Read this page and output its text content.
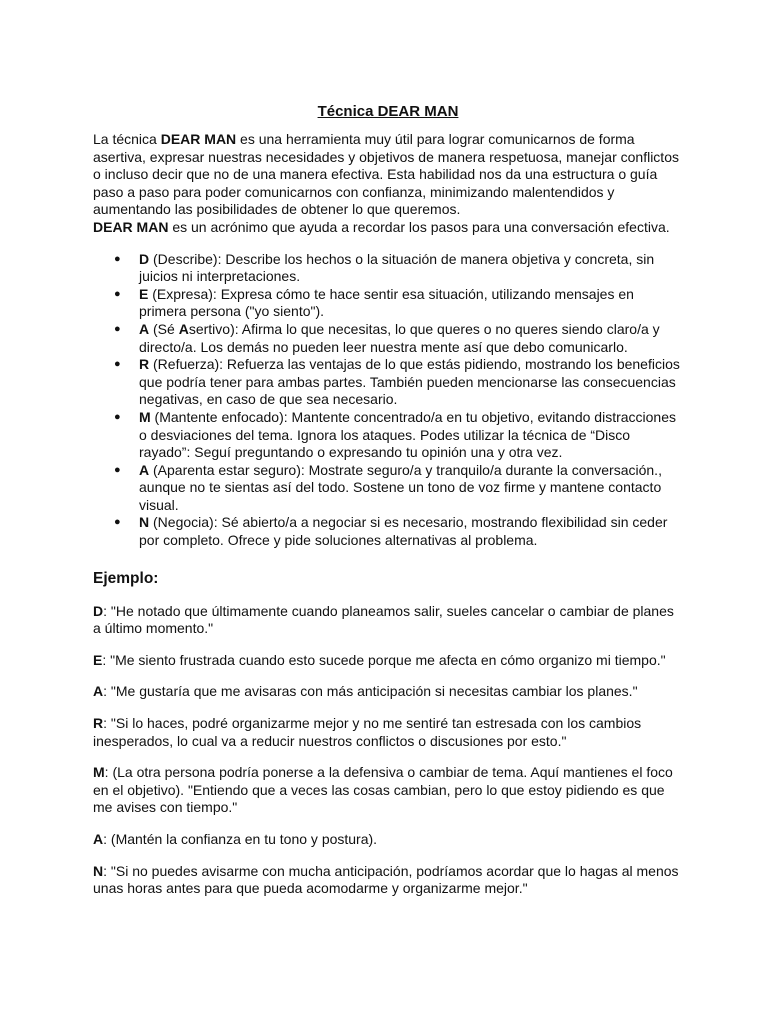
Técnica DEAR MAN

La técnica DEAR MAN es una herramienta muy útil para lograr comunicarnos de forma asertiva, expresar nuestras necesidades y objetivos de manera respetuosa, manejar conflictos o incluso decir que no de una manera efectiva. Esta habilidad nos da una estructura o guía paso a paso para poder comunicarnos con confianza, minimizando malentendidos y aumentando las posibilidades de obtener lo que queremos.

DEAR MAN es un acrónimo que ayuda a recordar los pasos para una conversación efectiva.

● D (Describe): Describe los hechos o la situación de manera objetiva y concreta, sin juicios ni interpretaciones.
● E (Expresa): Expresa cómo te hace sentir esa situación, utilizando mensajes en primera persona ("yo siento").
● A (Sé Asertivo): Afirma lo que necesitas, lo que queres o no queres siendo claro/a y directo/a. Los demás no pueden leer nuestra mente así que debo comunicarlo.
● R (Refuerza): Refuerza las ventajas de lo que estás pidiendo, mostrando los beneficios que podría tener para ambas partes. También pueden mencionarse las consecuencias negativas, en caso de que sea necesario.
● M (Mantente enfocado): Mantente concentrado/a en tu objetivo, evitando distracciones o desviaciones del tema. Ignora los ataques. Podes utilizar la técnica de “Disco rayado”: Seguí preguntando o expresando tu opinión una y otra vez.
● A (Aparenta estar seguro): Mostrate seguro/a y tranquilo/a durante la conversación., aunque no te sientas así del todo. Sostene un tono de voz firme y mantene contacto visual.
● N (Negocia): Sé abierto/a a negociar si es necesario, mostrando flexibilidad sin ceder por completo. Ofrece y pide soluciones alternativas al problema.
Ejemplo:

D: "He notado que últimamente cuando planeamos salir, sueles cancelar o cambiar de planes a último momento."

E: "Me siento frustrada cuando esto sucede porque me afecta en cómo organizo mi tiempo."

A: "Me gustaría que me avisaras con más anticipación si necesitas cambiar los planes."

R: "Si lo haces, podré organizarme mejor y no me sentiré tan estresada con los cambios inesperados, lo cual va a reducir nuestros conflictos o discusiones por esto."

M: (La otra persona podría ponerse a la defensiva o cambiar de tema. Aquí mantienes el foco en el objetivo). "Entiendo que a veces las cosas cambian, pero lo que estoy pidiendo es que me avises con tiempo."

A: (Mantén la confianza en tu tono y postura).

N: "Si no puedes avisarme con mucha anticipación, podríamos acordar que lo hagas al menos unas horas antes para que pueda acomodarme y organizarme mejor."
